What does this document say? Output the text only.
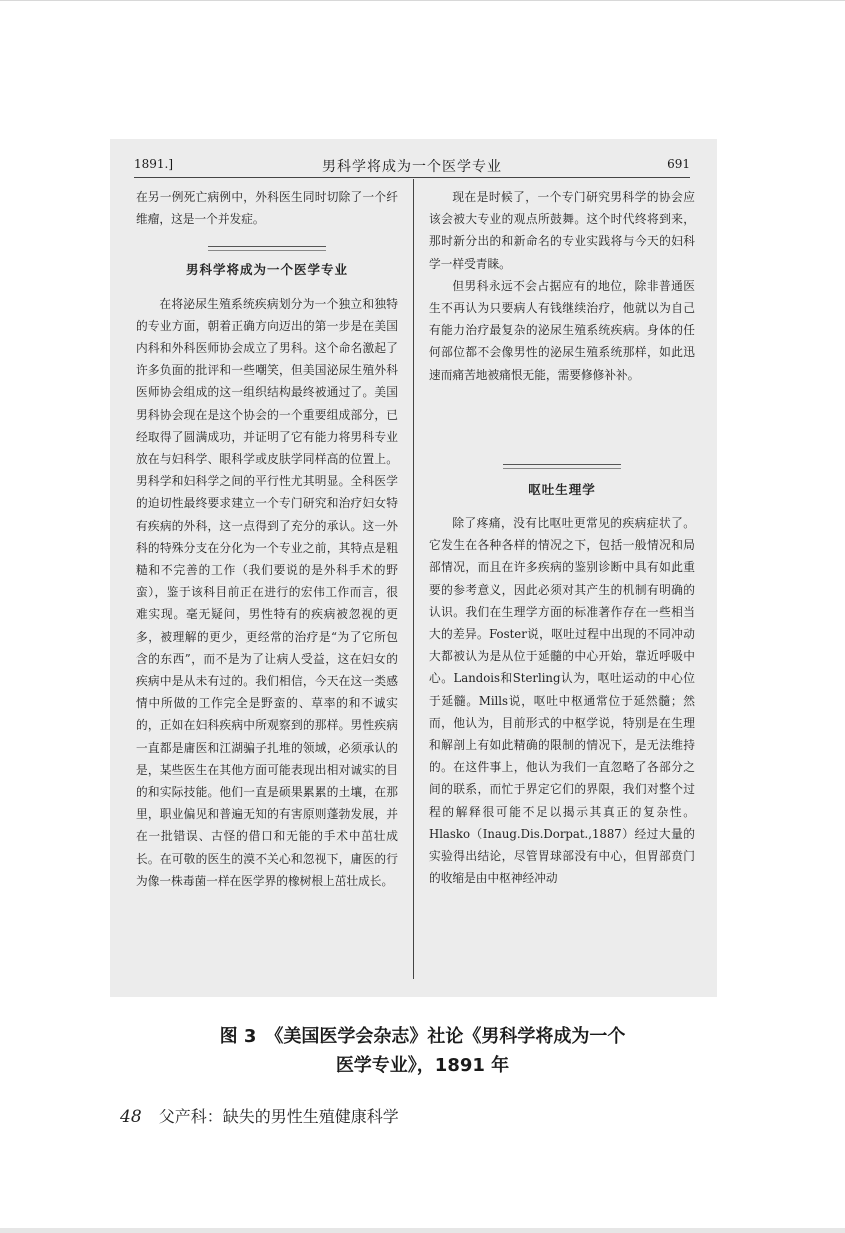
1891.]	男科学将成为一个医学专业	691

在另一例死亡病例中，外科医生同时切除了一个纤维瘤，这是一个并发症。

男科学将成为一个医学专业

在将泌尿生殖系统疾病划分为一个独立和独特的专业方面，朝着正确方向迈出的第一步是在美国内科和外科医师协会成立了男科。这个命名激起了许多负面的批评和一些嘲笑，但美国泌尿生殖外科医师协会组成的这一组织结构最终被通过了。美国男科协会现在是这个协会的一个重要组成部分，已经取得了圆满成功，并证明了它有能力将男科专业放在与妇科学、眼科学或皮肤学同样高的位置上。男科学和妇科学之间的平行性尤其明显。全科医学的迫切性最终要求建立一个专门研究和治疗妇女特有疾病的外科，这一点得到了充分的承认。这一外科的特殊分支在分化为一个专业之前，其特点是粗糙和不完善的工作（我们要说的是外科手术的野蛮），鉴于该科目前正在进行的宏伟工作而言，很难实现。毫无疑问，男性特有的疾病被忽视的更多，被理解的更少，更经常的治疗是“为了它所包含的东西”，而不是为了让病人受益，这在妇女的疾病中是从未有过的。我们相信，今天在这一类感情中所做的工作完全是野蛮的、草率的和不诚实的，正如在妇科疾病中所观察到的那样。男性疾病一直都是庸医和江湖骗子扎堆的领域，必须承认的是，某些医生在其他方面可能表现出相对诚实的目的和实际技能。他们一直是硕果累累的土壤，在那里，职业偏见和普遍无知的有害原则蓬勃发展，并在一批错误、古怪的借口和无能的手术中茁壮成长。在可敬的医生的漠不关心和忽视下，庸医的行为像一株毒菌一样在医学界的橡树根上茁壮成长。

现在是时候了，一个专门研究男科学的协会应该会被大专业的观点所鼓舞。这个时代终将到来，那时新分出的和新命名的专业实践将与今天的妇科学一样受青睐。

但男科永远不会占据应有的地位，除非普通医生不再认为只要病人有钱继续治疗，他就以为自己有能力治疗最复杂的泌尿生殖系统疾病。身体的任何部位都不会像男性的泌尿生殖系统那样，如此迅速而痛苦地被痛恨无能，需要修修补补。

呕吐生理学

除了疼痛，没有比呕吐更常见的疾病症状了。它发生在各种各样的情况之下，包括一般情况和局部情况，而且在许多疾病的鉴别诊断中具有如此重要的参考意义，因此必须对其产生的机制有明确的认识。我们在生理学方面的标准著作存在一些相当大的差异。Foster说，呕吐过程中出现的不同冲动大都被认为是从位于延髓的中心开始，靠近呼吸中心。Landois和Sterling认为，呕吐运动的中心位于延髓。Mills说，呕吐中枢通常位于延然髓；然而，他认为，目前形式的中枢学说，特别是在生理和解剖上有如此精确的限制的情况下，是无法维持的。在这件事上，他认为我们一直忽略了各部分之间的联系，而忙于界定它们的界限，我们对整个过程的解释很可能不足以揭示其真正的复杂性。Hlasko（Inaug.Dis.Dorpat.,1887）经过大量的实验得出结论，尽管胃球部没有中心，但胃部贲门的收缩是由中枢神经冲动

图 3　《美国医学会杂志》社论《男科学将成为一个
医学专业》，1891 年
48 父产科：缺失的男性生殖健康科学
